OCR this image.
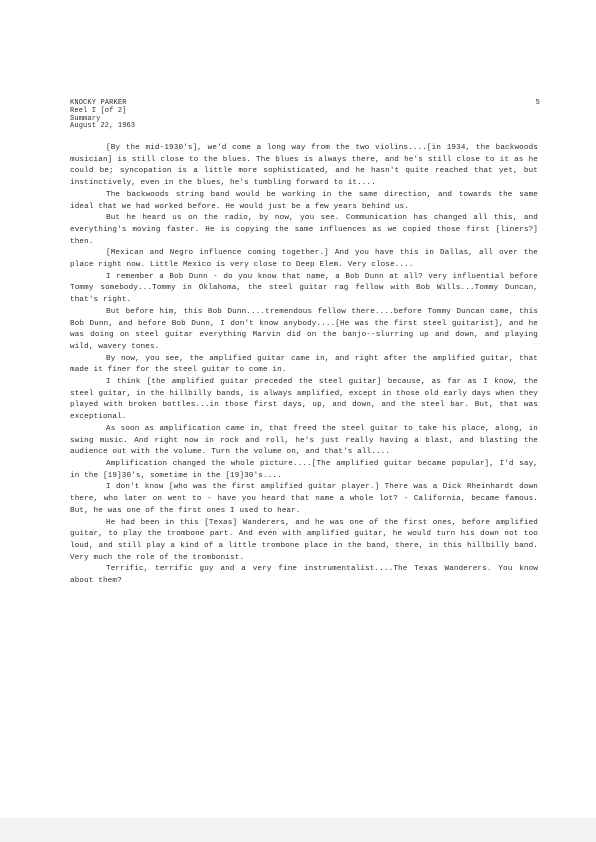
KNOCKY PARKER
Reel I [of 2]
Summary
August 22, 1963
5

[By the mid-1930's], we'd come a long way from the two violins....[in 1934, the backwoods musician] is still close to the blues. The blues is always there, and he's still close to it as he could be; syncopation is a little more sophisticated, and he hasn't quite reached that yet, but instinctively, even in the blues, he's tumbling forward to it....

The backwoods string band would be working in the same direction, and towards the same ideal that we had worked before. He would just be a few years behind us.

But he heard us on the radio, by now, you see. Communication has changed all this, and everything's moving faster. He is copying the same influences as we copied those first [liners?] then.

[Mexican and Negro influence coming together.] And you have this in Dallas, all over the place right now. Little Mexico is very close to Deep Elem. Very close....

I remember a Bob Dunn - do you know that name, a Bob Dunn at all? very influential before Tommy somebody...Tommy in Oklahoma, the steel guitar rag fellow with Bob Wills...Tommy Duncan, that's right.

But before him, this Bob Dunn....tremendous fellow there....before Tommy Duncan came, this Bob Dunn, and before Bob Dunn, I don't know anybody....[He was the first steel guitarist], and he was doing on steel guitar everything Marvin did on the banjo--slurring up and down, and playing wild, wavery tones.

By now, you see, the amplified guitar came in, and right after the amplified guitar, that made it finer for the steel guitar to come in.

I think [the amplified guitar preceded the steel guitar] because, as far as I know, the steel guitar, in the hillbilly bands, is always amplified, except in those old early days when they played with broken bottles...in those first days, up, and down, and the steel bar. But, that was exceptional.

As soon as amplification came in, that freed the steel guitar to take his place, along, in swing music. And right now in rock and roll, he's just really having a blast, and blasting the audience out with the volume. Turn the volume on, and that's all....

Amplification changed the whole picture....[The amplified guitar became popular], I'd say, in the [19]30's, sometime in the [19]30's....

I don't know [who was the first amplified guitar player.] There was a Dick Rheinhardt down there, who later on went to - have you heard that name a whole lot? - California, became famous. But, he was one of the first ones I used to hear.

He had been in this [Texas] Wanderers, and he was one of the first ones, before amplified guitar, to play the trombone part. And even with amplified guitar, he would turn his down not too loud, and still play a kind of a little trombone place in the band, there, in this hillbilly band. Very much the role of the trombonist.

Terrific, terrific guy and a very fine instrumentalist....The Texas Wanderers. You know about them?
